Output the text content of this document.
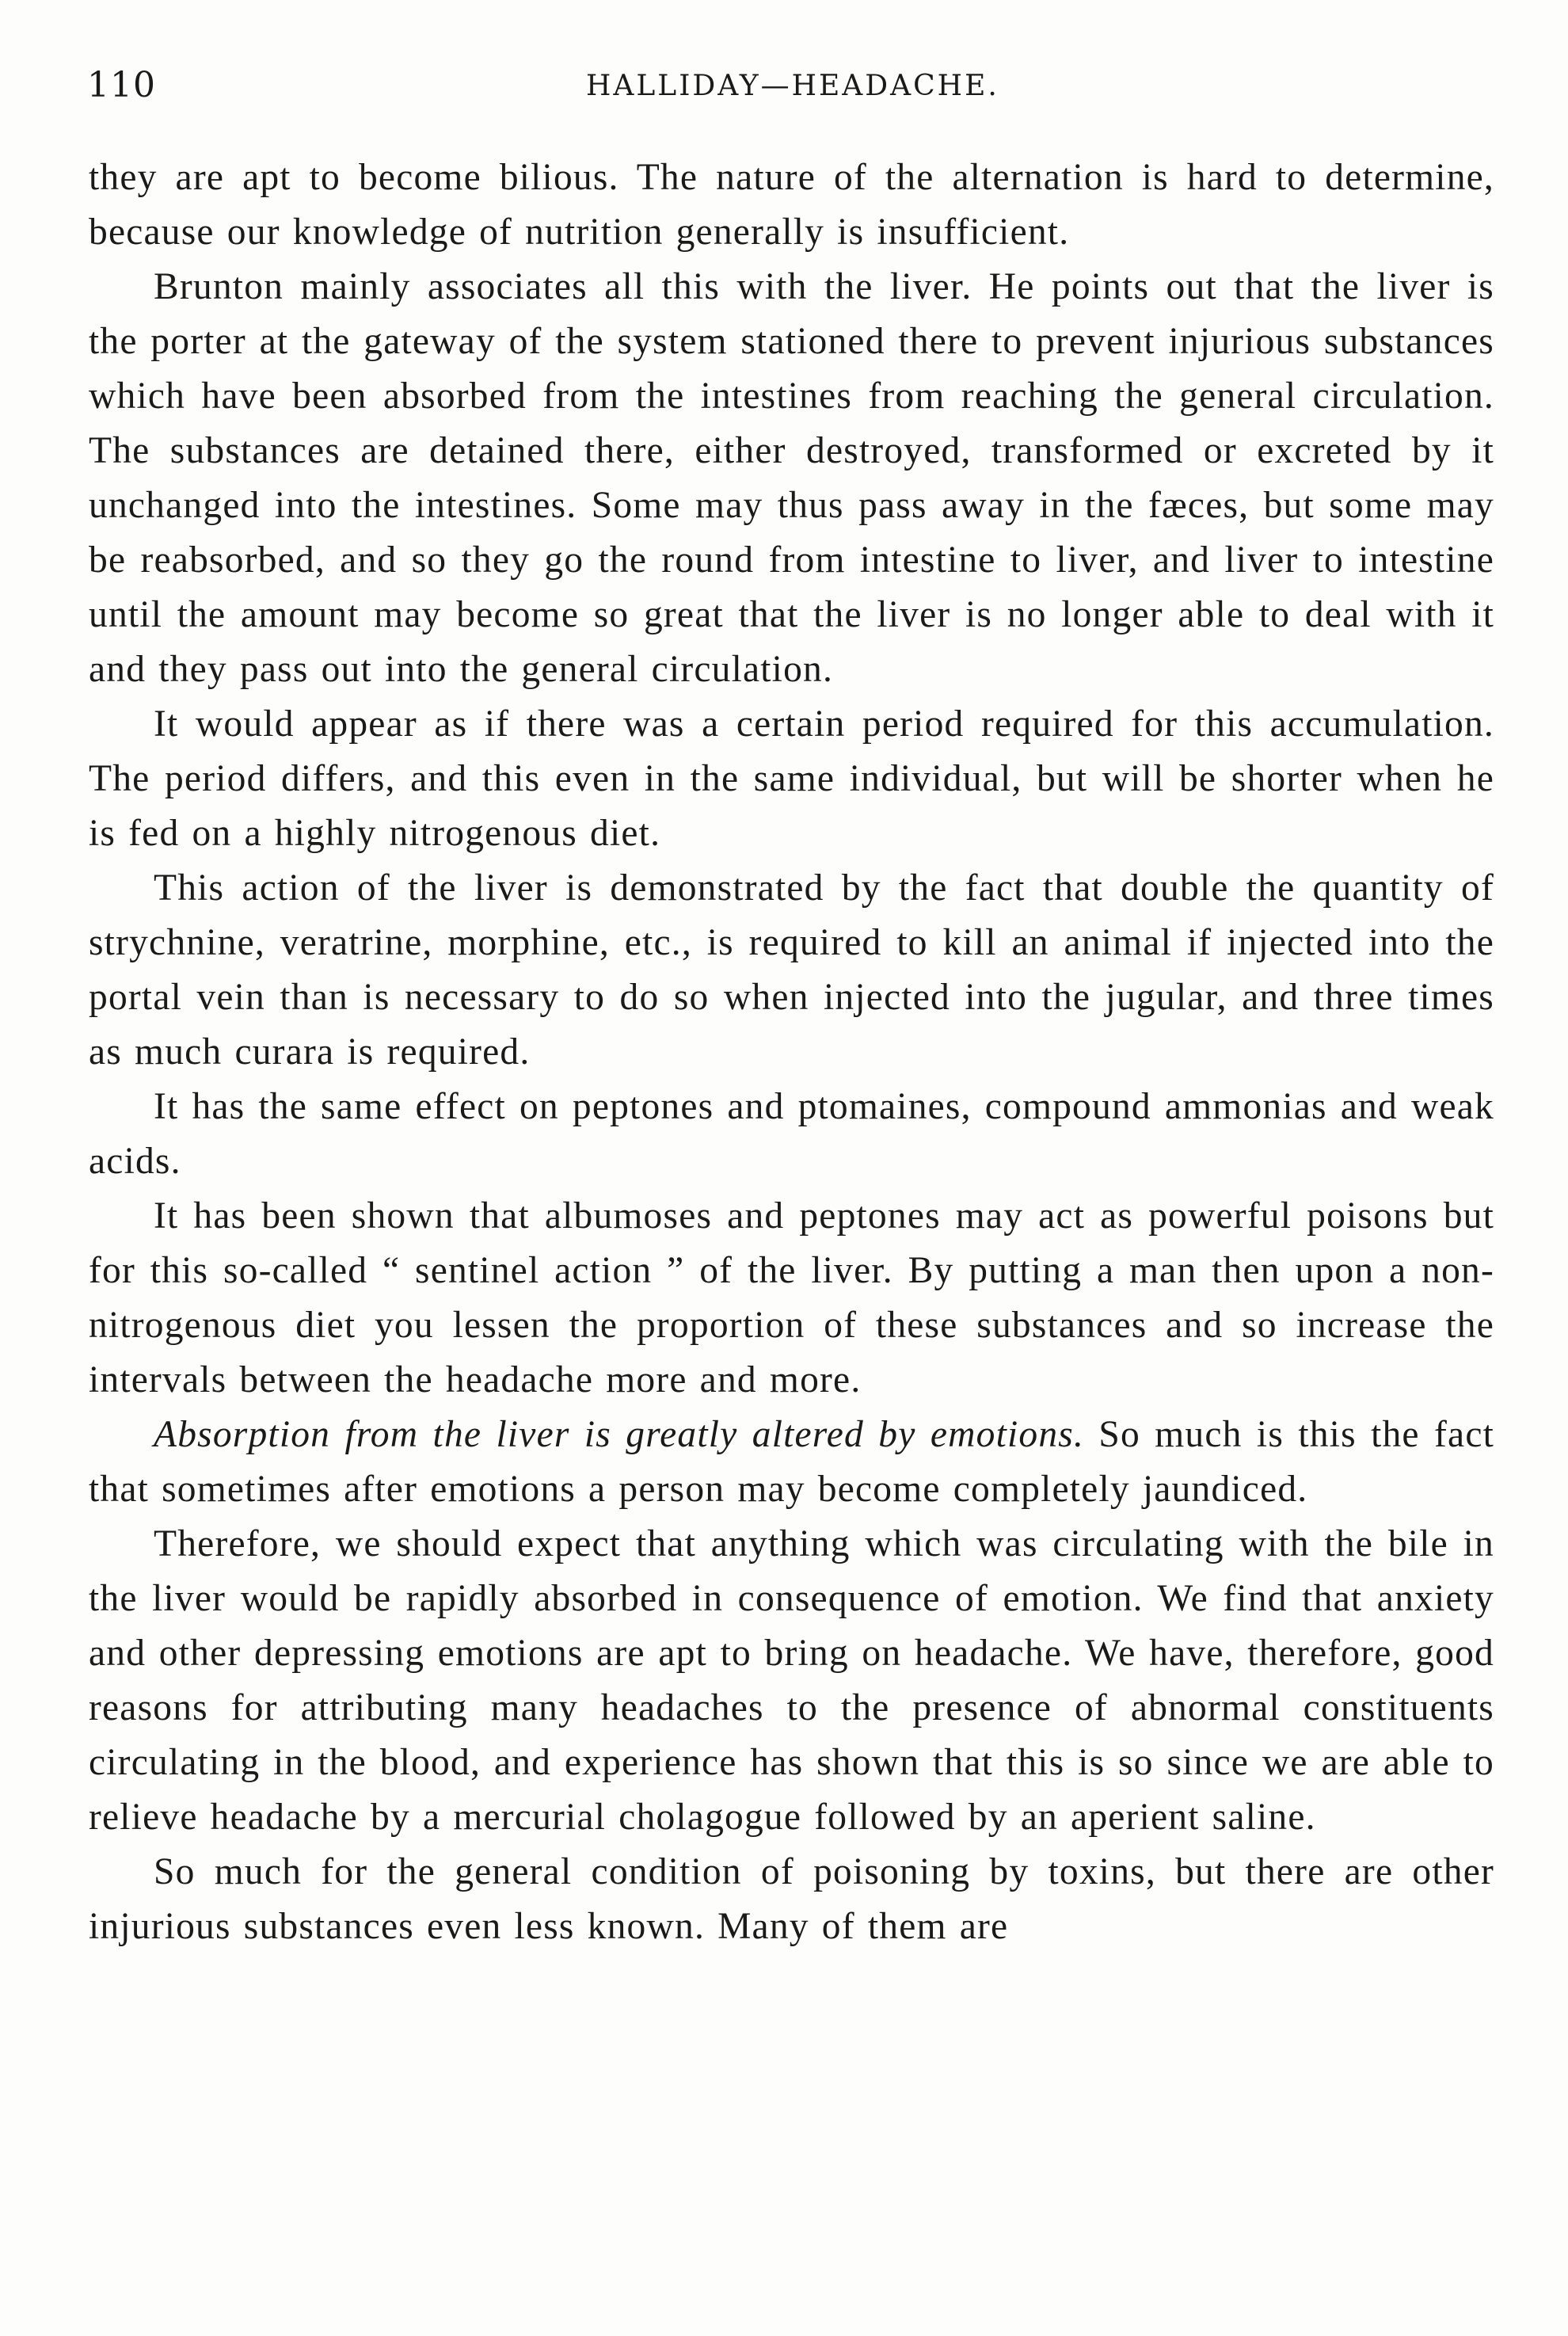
110	HALLIDAY—HEADACHE.

they are apt to become bilious. The nature of the alternation is hard to determine, because our knowledge of nutrition generally is insufficient.

Brunton mainly associates all this with the liver. He points out that the liver is the porter at the gateway of the system stationed there to prevent injurious substances which have been absorbed from the intestines from reaching the general circulation. The substances are detained there, either destroyed, transformed or excreted by it unchanged into the intestines. Some may thus pass away in the fæces, but some may be reabsorbed, and so they go the round from intestine to liver, and liver to intestine until the amount may become so great that the liver is no longer able to deal with it and they pass out into the general circulation.

It would appear as if there was a certain period required for this accumulation. The period differs, and this even in the same individual, but will be shorter when he is fed on a highly nitrogenous diet.

This action of the liver is demonstrated by the fact that double the quantity of strychnine, veratrine, morphine, etc., is required to kill an animal if injected into the portal vein than is necessary to do so when injected into the jugular, and three times as much curara is required.

It has the same effect on peptones and ptomaines, compound ammonias and weak acids.

It has been shown that albumoses and peptones may act as powerful poisons but for this so-called “ sentinel action ” of the liver. By putting a man then upon a non-nitrogenous diet you lessen the proportion of these substances and so increase the intervals between the headache more and more.

Absorption from the liver is greatly altered by emotions. So much is this the fact that sometimes after emotions a person may become completely jaundiced.

Therefore, we should expect that anything which was circulating with the bile in the liver would be rapidly absorbed in consequence of emotion. We find that anxiety and other depressing emotions are apt to bring on headache. We have, therefore, good reasons for attributing many headaches to the presence of abnormal constituents circulating in the blood, and experience has shown that this is so since we are able to relieve headache by a mercurial cholagogue followed by an aperient saline.

So much for the general condition of poisoning by toxins, but there are other injurious substances even less known. Many of them are
